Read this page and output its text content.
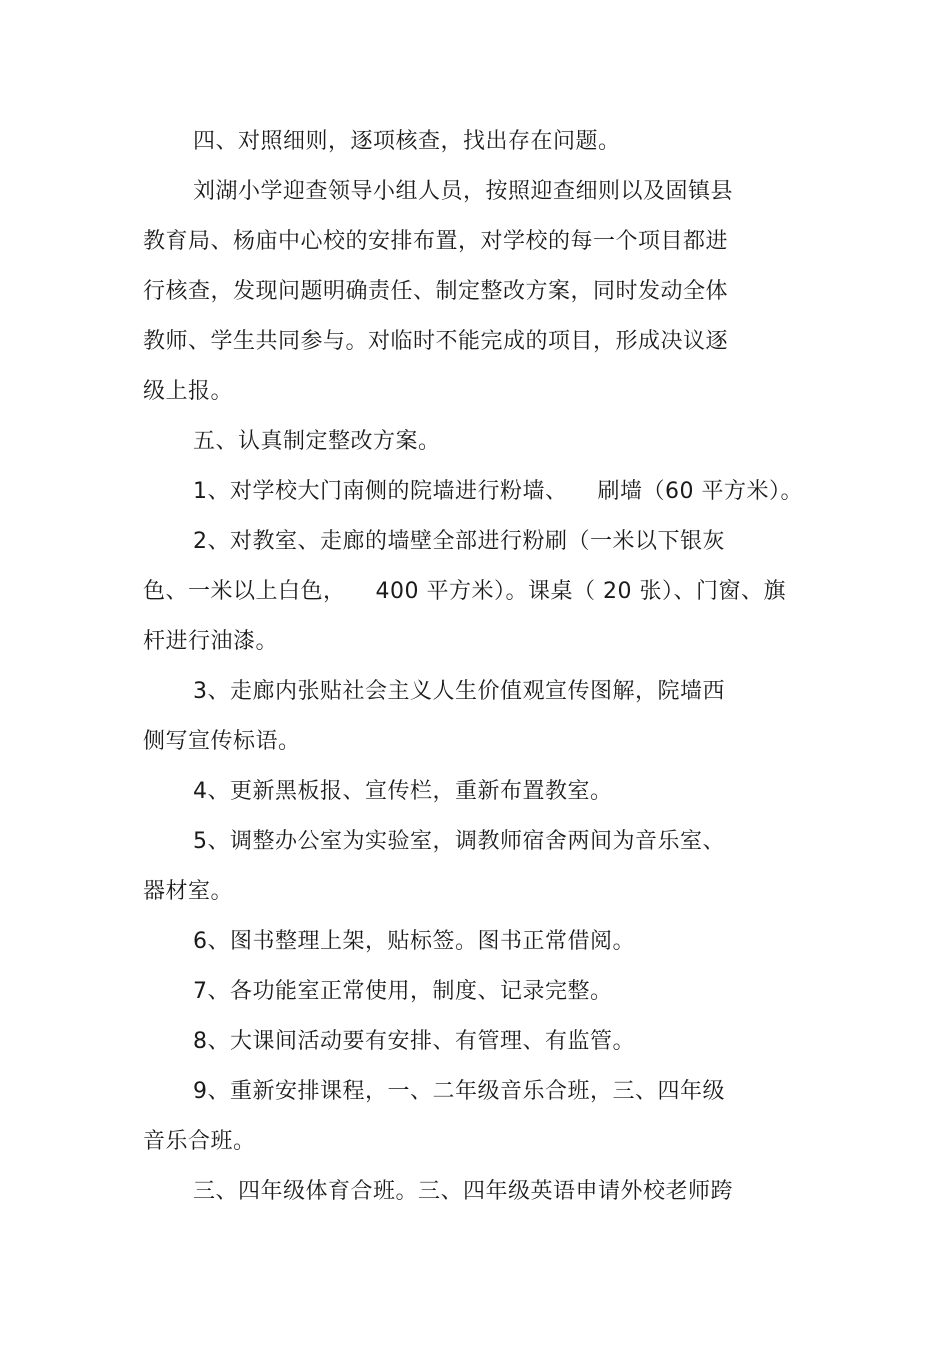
四、对照细则，逐项核查，找出存在问题。
刘湖小学迎查领导小组人员，按照迎查细则以及固镇县
教育局、杨庙中心校的安排布置，对学校的每一个项目都进
行核查，发现问题明确责任、制定整改方案，同时发动全体
教师、学生共同参与。对临时不能完成的项目，形成决议逐
级上报。
五、认真制定整改方案。
1、对学校大门南侧的院墙进行粉墙、    刷墙（60 平方米）。
2、对教室、走廊的墙壁全部进行粉刷（一米以下银灰
色、一米以上白色，    400 平方米）。课桌（ 20 张）、门窗、旗
杆进行油漆。
3、走廊内张贴社会主义人生价值观宣传图解，院墙西
侧写宣传标语。
4、更新黑板报、宣传栏，重新布置教室。
5、调整办公室为实验室，调教师宿舍两间为音乐室、
器材室。
6、图书整理上架，贴标签。图书正常借阅。
7、各功能室正常使用，制度、记录完整。
8、大课间活动要有安排、有管理、有监管。
9、重新安排课程，一、二年级音乐合班，三、四年级
音乐合班。
三、四年级体育合班。三、四年级英语申请外校老师跨
